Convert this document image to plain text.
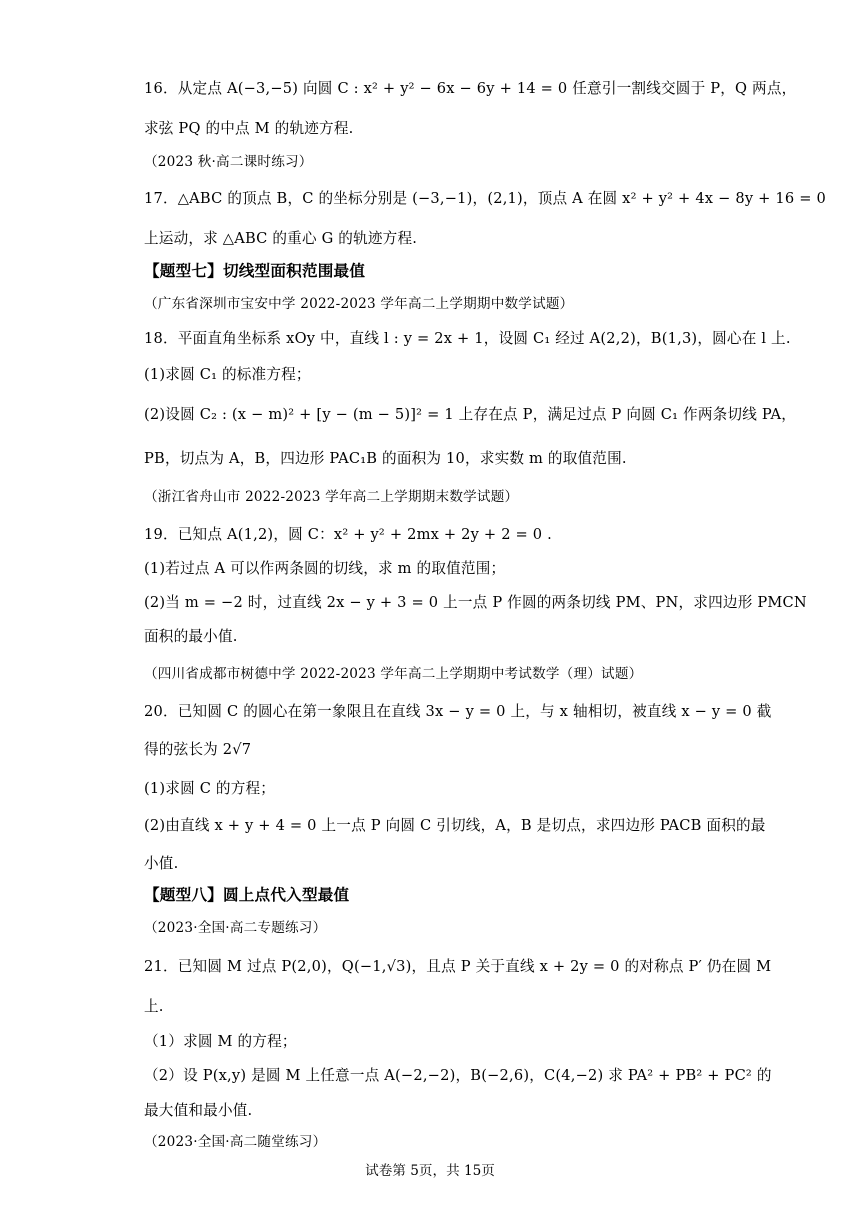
16．从定点 A(−3,−5) 向圆 C : x² + y² − 6x − 6y + 14 = 0 任意引一割线交圆于 P，Q 两点，
求弦 PQ 的中点 M 的轨迹方程.
（2023 秋·高二课时练习）
17．△ABC 的顶点 B，C 的坐标分别是 (−3,−1)，(2,1)，顶点 A 在圆 x² + y² + 4x − 8y + 16 = 0
上运动，求 △ABC 的重心 G 的轨迹方程.
【题型七】切线型面积范围最值
（广东省深圳市宝安中学 2022-2023 学年高二上学期期中数学试题）
18．平面直角坐标系 xOy 中，直线 l : y = 2x + 1，设圆 C₁ 经过 A(2,2)，B(1,3)，圆心在 l 上.
(1)求圆 C₁ 的标准方程；
(2)设圆 C₂ : (x − m)² + [y − (m − 5)]² = 1 上存在点 P，满足过点 P 向圆 C₁ 作两条切线 PA，
PB，切点为 A，B，四边形 PAC₁B 的面积为 10，求实数 m 的取值范围.
（浙江省舟山市 2022-2023 学年高二上学期期末数学试题）
19．已知点 A(1,2)，圆 C：x² + y² + 2mx + 2y + 2 = 0 .
(1)若过点 A 可以作两条圆的切线，求 m 的取值范围；
(2)当 m = −2 时，过直线 2x − y + 3 = 0 上一点 P 作圆的两条切线 PM、PN，求四边形 PMCN
面积的最小值.
（四川省成都市树德中学 2022-2023 学年高二上学期期中考试数学（理）试题）
20．已知圆 C 的圆心在第一象限且在直线 3x − y = 0 上，与 x 轴相切，被直线 x − y = 0 截
得的弦长为 2√7
(1)求圆 C 的方程；
(2)由直线 x + y + 4 = 0 上一点 P 向圆 C 引切线，A，B 是切点，求四边形 PACB 面积的最
小值.
【题型八】圆上点代入型最值
（2023·全国·高二专题练习）
21．已知圆 M 过点 P(2,0)，Q(−1,√3)，且点 P 关于直线 x + 2y = 0 的对称点 P′ 仍在圆 M
上.
（1）求圆 M 的方程；
（2）设 P(x,y) 是圆 M 上任意一点 A(−2,−2)，B(−2,6)，C(4,−2) 求 PA² + PB² + PC² 的
最大值和最小值.
（2023·全国·高二随堂练习）
试卷第 5页，共 15页
